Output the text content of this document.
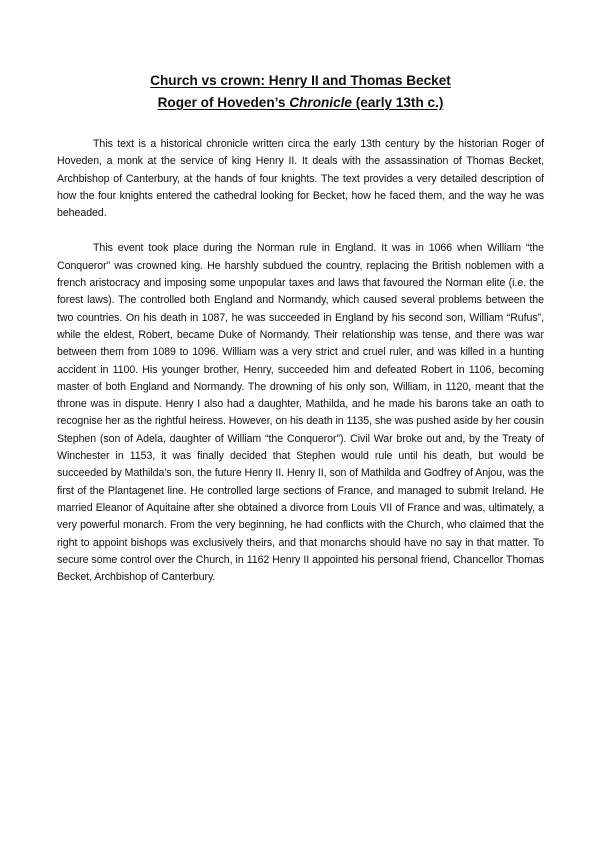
Church vs crown: Henry II and Thomas Becket
Roger of Hoveden’s Chronicle (early 13th c.)

This text is a historical chronicle written circa the early 13th century by the historian Roger of Hoveden, a monk at the service of king Henry II. It deals with the assassination of Thomas Becket, Archbishop of Canterbury, at the hands of four knights. The text provides a very detailed description of how the four knights entered the cathedral looking for Becket, how he faced them, and the way he was beheaded.

This event took place during the Norman rule in England. It was in 1066 when William “the Conqueror” was crowned king. He harshly subdued the country, replacing the British noblemen with a french aristocracy and imposing some unpopular taxes and laws that favoured the Norman elite (i.e. the forest laws). The controlled both England and Normandy, which caused several problems between the two countries. On his death in 1087, he was succeeded in England by his second son, William “Rufus”, while the eldest, Robert, became Duke of Normandy. Their relationship was tense, and there was war between them from 1089 to 1096. William was a very strict and cruel ruler, and was killed in a hunting accident in 1100. His younger brother, Henry, succeeded him and defeated Robert in 1106, becoming master of both England and Normandy. The drowning of his only son, William, in 1120, meant that the throne was in dispute. Henry I also had a daughter, Mathilda, and he made his barons take an oath to recognise her as the rightful heiress. However, on his death in 1135, she was pushed aside by her cousin Stephen (son of Adela, daughter of William “the Conqueror”). Civil War broke out and, by the Treaty of Winchester in 1153, it was finally decided that Stephen would rule until his death, but would be succeeded by Mathilda’s son, the future Henry II. Henry II, son of Mathilda and Godfrey of Anjou, was the first of the Plantagenet line. He controlled large sections of France, and managed to submit Ireland. He married Eleanor of Aquitaine after she obtained a divorce from Louis VII of France and was, ultimately, a very powerful monarch. From the very beginning, he had conflicts with the Church, who claimed that the right to appoint bishops was exclusively theirs, and that monarchs should have no say in that matter. To secure some control over the Church, in 1162 Henry II appointed his personal friend, Chancellor Thomas Becket, Archbishop of Canterbury.
